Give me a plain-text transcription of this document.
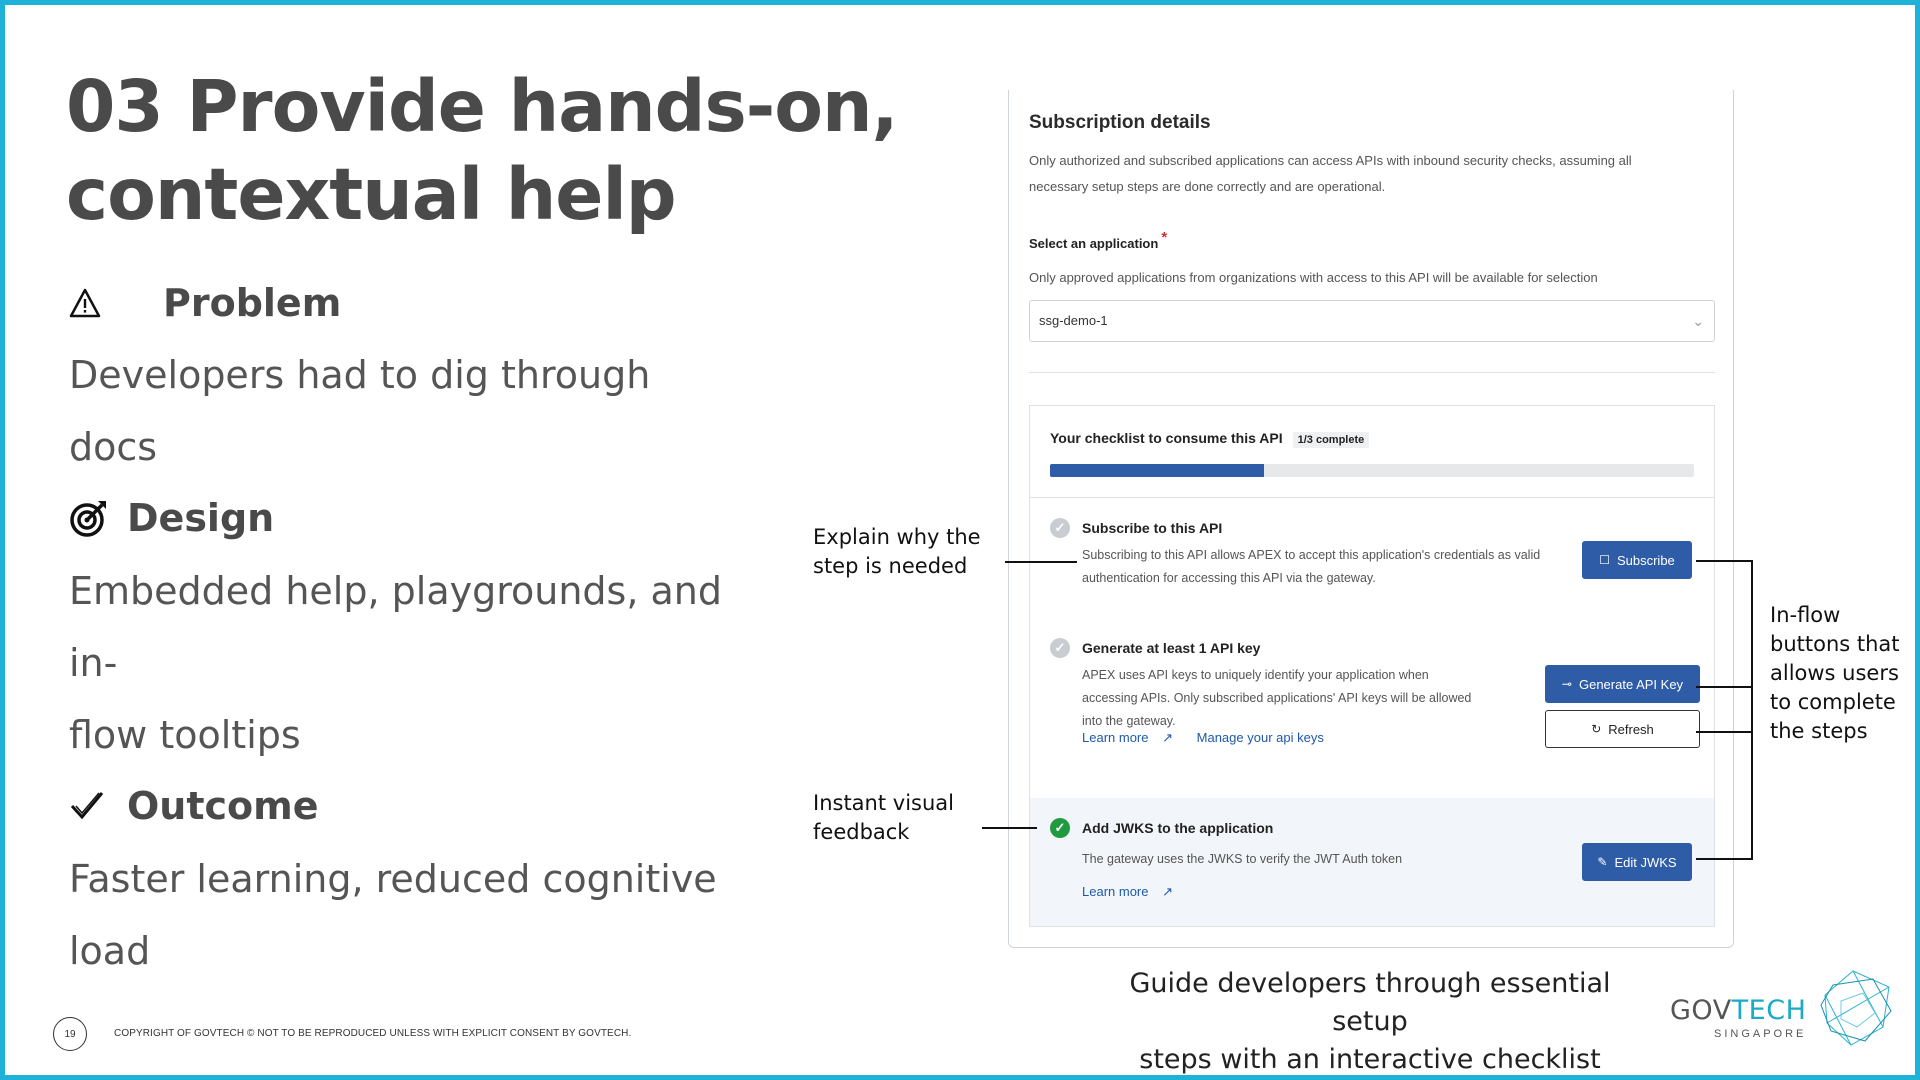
03 Provide hands-on,
contextual help
Problem

Developers had to dig through docs

Design

Embedded help, playgrounds, and in-
flow tooltips

Outcome

Faster learning, reduced cognitive
load

19	COPYRIGHT OF GOVTECH © NOT TO BE REPRODUCED UNLESS WITH EXPLICIT CONSENT BY GOVTECH.
Subscription details
Only authorized and subscribed applications can access APIs with inbound security checks, assuming all necessary setup steps are done correctly and are operational.
Select an application *
Only approved applications from organizations with access to this API will be available for selection
ssg-demo-1	⌄
Your checklist to consume this API 1/3 complete
✓	Subscribe to this API
Subscribing to this API allows APEX to accept this application's credentials as valid authentication for accessing this API via the gateway.
☐ Subscribe
✓	Generate at least 1 API key
APEX uses API keys to uniquely identify your application when accessing APIs. Only subscribed applications' API keys will be allowed into the gateway.
Learn more ↗ Manage your api keys
⊸ Generate API Key
↻ Refresh
✓	Add JWKS to the application
The gateway uses the JWKS to verify the JWT Auth token
Learn more ↗
✎ Edit JWKS

Explain why the
step is needed

Instant visual
feedback

In-flow
buttons that
allows users
to complete
the steps

Guide developers through essential setup
steps with an interactive checklist

GOVTECH
SINGAPORE
